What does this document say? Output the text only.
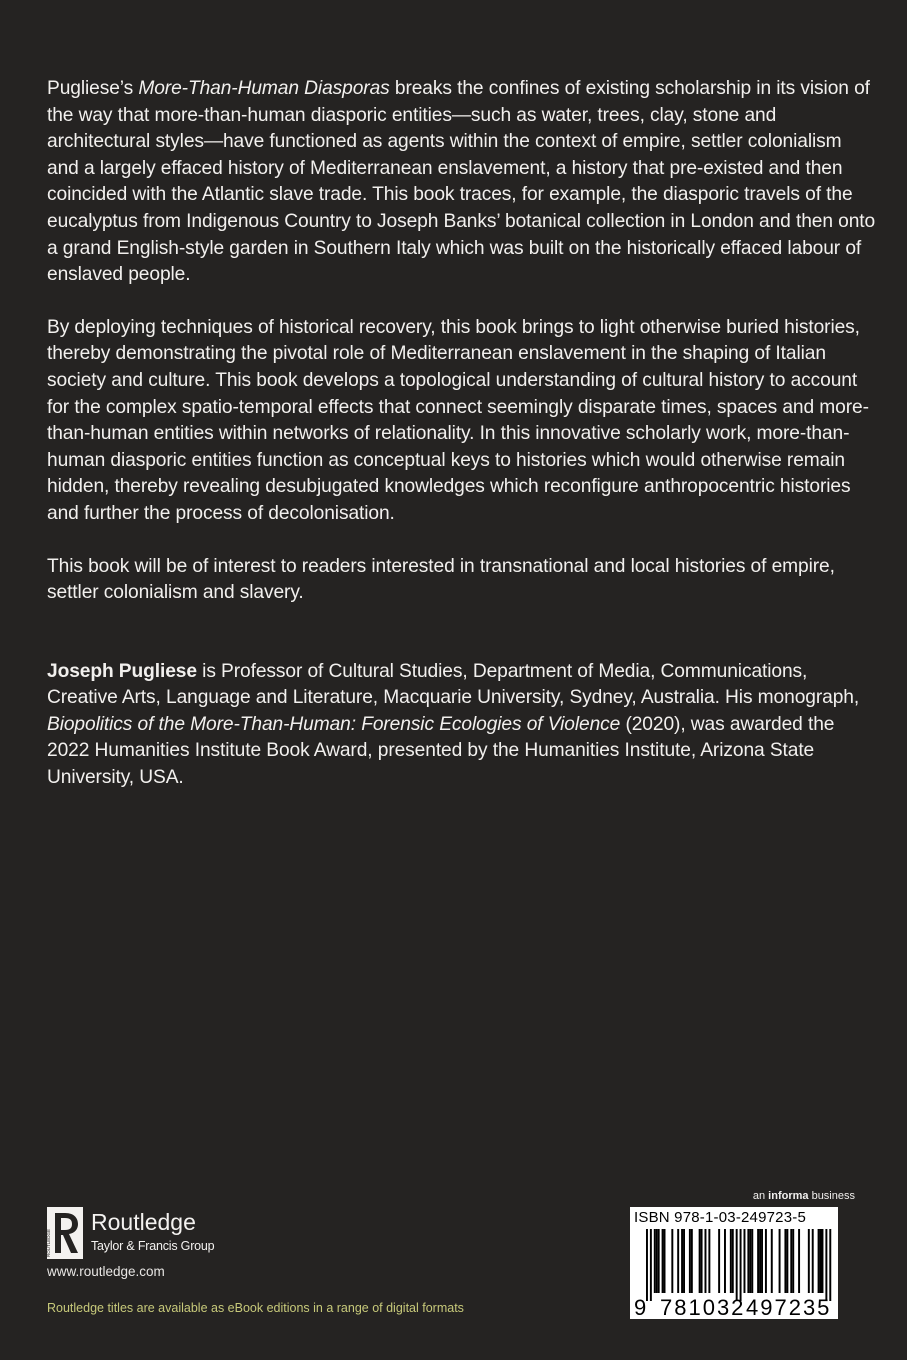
Pugliese’s More-Than-Human Diasporas breaks the confines of existing scholarship in its vision of the way that more-than-human diasporic entities—such as water, trees, clay, stone and architectural styles—have functioned as agents within the context of empire, settler colonialism and a largely effaced history of Mediterranean enslavement, a history that pre-existed and then coincided with the Atlantic slave trade. This book traces, for example, the diasporic travels of the eucalyptus from Indigenous Country to Joseph Banks’ botanical collection in London and then onto a grand English-style garden in Southern Italy which was built on the historically effaced labour of enslaved people.

By deploying techniques of historical recovery, this book brings to light otherwise buried histories, thereby demonstrating the pivotal role of Mediterranean enslavement in the shaping of Italian society and culture. This book develops a topological understanding of cultural history to account for the complex spatio-temporal effects that connect seemingly disparate times, spaces and more-than-human entities within networks of relationality. In this innovative scholarly work, more-than-human diasporic entities function as conceptual keys to histories which would otherwise remain hidden, thereby revealing desubjugated knowledges which reconfigure anthropocentric histories and further the process of decolonisation.

This book will be of interest to readers interested in transnational and local histories of empire, settler colonialism and slavery.

Joseph Pugliese is Professor of Cultural Studies, Department of Media, Communications, Creative Arts, Language and Literature, Macquarie University, Sydney, Australia. His monograph, Biopolitics of the More-Than-Human: Forensic Ecologies of Violence (2020), was awarded the 2022 Humanities Institute Book Award, presented by the Humanities Institute, Arizona State University, USA.

ROUTLEDGE
Routledge
Taylor & Francis Group
www.routledge.com
Routledge titles are available as eBook editions in a range of digital formats
an informa business
ISBN 978-1-03-249723-5
9 781032 497235
